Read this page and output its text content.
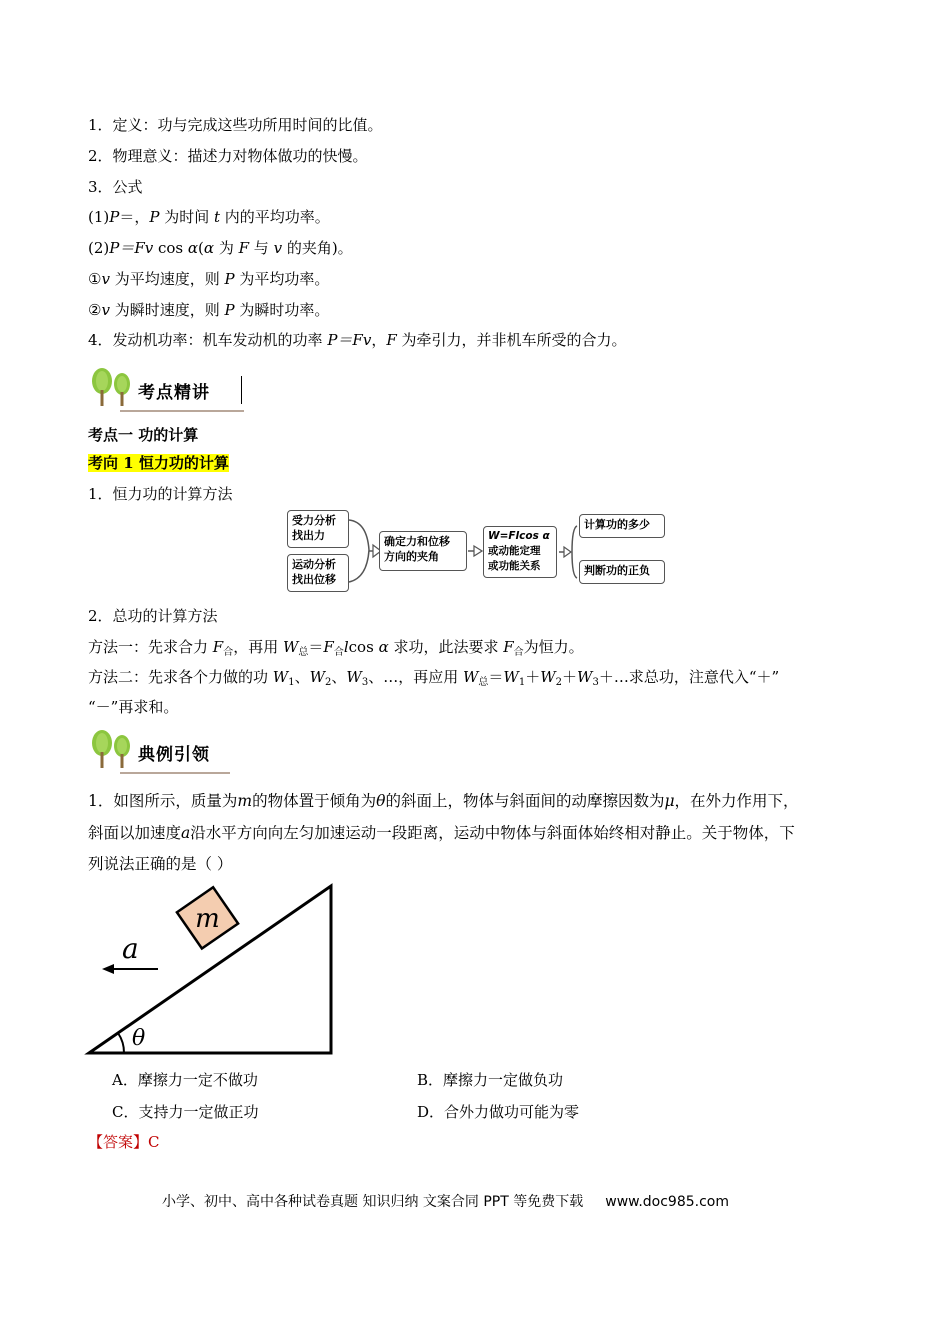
1．定义：功与完成这些功所用时间的比值。
2．物理意义：描述力对物体做功的快慢。
3．公式
(1)P＝，P 为时间 t 内的平均功率。
(2)P＝Fv cos α(α 为 F 与 v 的夹角)。
①v 为平均速度，则 P 为平均功率。
②v 为瞬时速度，则 P 为瞬时功率。
4．发动机功率：机车发动机的功率 P＝Fv，F 为牵引力，并非机车所受的合力。
考点精讲
考点一 功的计算
考向 1 恒力功的计算
1．恒力功的计算方法
受力分析
找出力
运动分析
找出位移
确定力和位移
方向的夹角
W=Flcos α
或动能定理
或功能关系
计算功的多少
判断功的正负
2．总功的计算方法
方法一：先求合力 $F_合$，再用 $W_总=F_合lcos$ α 求功，此法要求 $F_合$为恒力。
方法二：先求各个力做的功 $W_1$、$W_2$、$W_3$、…，再应用 $W_总=W_1+W_2+W_3+\dots$求总功，注意代入“＋”
“－”再求和。
典例引领
1．如图所示，质量为m的物体置于倾角为θ的斜面上，物体与斜面间的动摩擦因数为μ，在外力作用下，
斜面以加速度a沿水平方向向左匀加速运动一段距离，运动中物体与斜面体始终相对静止。关于物体，下
列说法正确的是（ ）
m
a
θ
A．摩擦力一定不做功	B．摩擦力一定做负功
C．支持力一定做正功	D．合外力做功可能为零
【答案】C
小学、初中、高中各种试卷真题 知识归纳 文案合同 PPT 等免费下载 www.doc985.com
